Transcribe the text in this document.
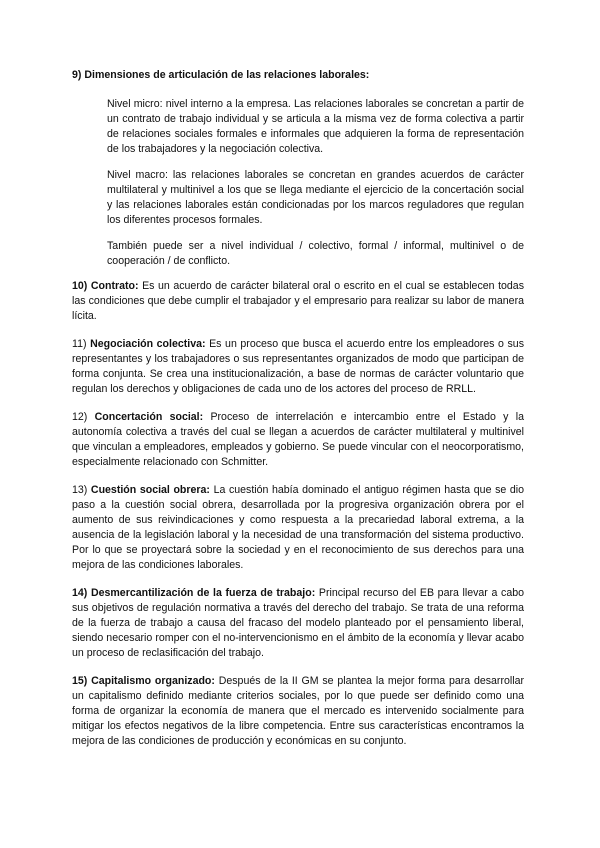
9) Dimensiones de articulación de las relaciones laborales:

Nivel micro: nivel interno a la empresa. Las relaciones laborales se concretan a partir de un contrato de trabajo individual y se articula a la misma vez de forma colectiva a partir de relaciones sociales formales e informales que adquieren la forma de representación de los trabajadores y la negociación colectiva.

Nivel macro: las relaciones laborales se concretan en grandes acuerdos de carácter multilateral y multinivel a los que se llega mediante el ejercicio de la concertación social y las relaciones laborales están condicionadas por los marcos reguladores que regulan los diferentes procesos formales.

También puede ser a nivel individual / colectivo, formal / informal, multinivel o de cooperación / de conflicto.

10) Contrato: Es un acuerdo de carácter bilateral oral o escrito en el cual se establecen todas las condiciones que debe cumplir el trabajador y el empresario para realizar su labor de manera lícita.

11) Negociación colectiva: Es un proceso que busca el acuerdo entre los empleadores o sus representantes y los trabajadores o sus representantes organizados de modo que participan de forma conjunta. Se crea una institucionalización, a base de normas de carácter voluntario que regulan los derechos y obligaciones de cada uno de los actores del proceso de RRLL.

12) Concertación social: Proceso de interrelación e intercambio entre el Estado y la autonomía colectiva a través del cual se llegan a acuerdos de carácter multilateral y multinivel que vinculan a empleadores, empleados y gobierno. Se puede vincular con el neocorporatismo, especialmente relacionado con Schmitter.

13) Cuestión social obrera: La cuestión había dominado el antiguo régimen hasta que se dio paso a la cuestión social obrera, desarrollada por la progresiva organización obrera por el aumento de sus reivindicaciones y como respuesta a la precariedad laboral extrema, a la ausencia de la legislación laboral y la necesidad de una transformación del sistema productivo. Por lo que se proyectará sobre la sociedad y en el reconocimiento de sus derechos para una mejora de las condiciones laborales.

14) Desmercantilización de la fuerza de trabajo: Principal recurso del EB para llevar a cabo sus objetivos de regulación normativa a través del derecho del trabajo. Se trata de una reforma de la fuerza de trabajo a causa del fracaso del modelo planteado por el pensamiento liberal, siendo necesario romper con el no-intervencionismo en el ámbito de la economía y llevar acabo un proceso de reclasificación del trabajo.

15) Capitalismo organizado: Después de la II GM se plantea la mejor forma para desarrollar un capitalismo definido mediante criterios sociales, por lo que puede ser definido como una forma de organizar la economía de manera que el mercado es intervenido socialmente para mitigar los efectos negativos de la libre competencia. Entre sus características encontramos la mejora de las condiciones de producción y económicas en su conjunto.
